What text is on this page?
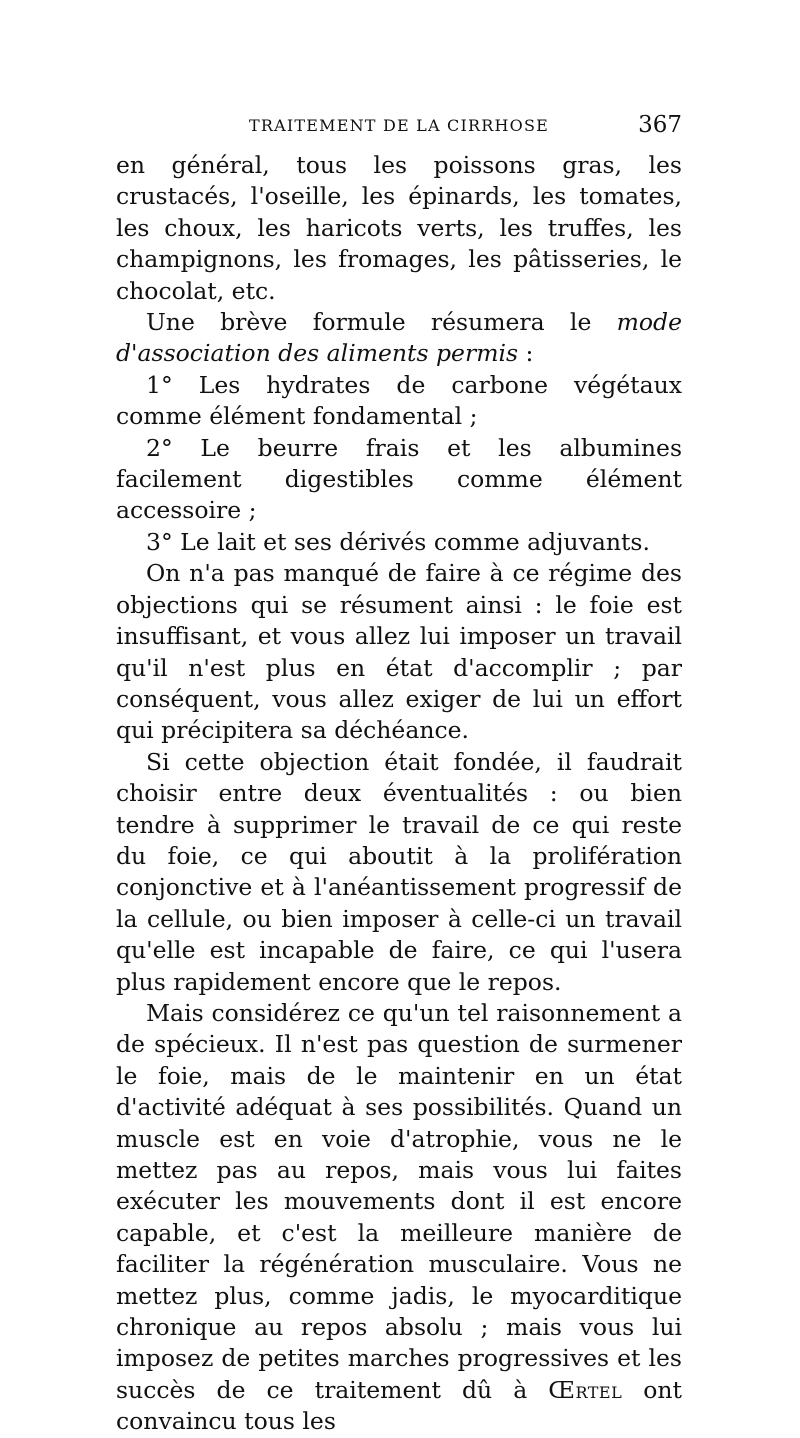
TRAITEMENT DE LA CIRRHOSE	367

en général, tous les poissons gras, les crustacés, l'oseille, les épinards, les tomates, les choux, les haricots verts, les truffes, les champignons, les fromages, les pâtisseries, le chocolat, etc.

Une brève formule résumera le mode d'association des aliments permis :

1° Les hydrates de carbone végétaux comme élément fondamental ;

2° Le beurre frais et les albumines facilement digestibles comme élément accessoire ;

3° Le lait et ses dérivés comme adjuvants.

On n'a pas manqué de faire à ce régime des objections qui se résument ainsi : le foie est insuffisant, et vous allez lui imposer un travail qu'il n'est plus en état d'accomplir ; par conséquent, vous allez exiger de lui un effort qui précipitera sa déchéance.

Si cette objection était fondée, il faudrait choisir entre deux éventualités : ou bien tendre à supprimer le travail de ce qui reste du foie, ce qui aboutit à la prolifération conjonctive et à l'anéantissement progressif de la cellule, ou bien imposer à celle-ci un travail qu'elle est incapable de faire, ce qui l'usera plus rapidement encore que le repos.

Mais considérez ce qu'un tel raisonnement a de spécieux. Il n'est pas question de surmener le foie, mais de le maintenir en un état d'activité adéquat à ses possibilités. Quand un muscle est en voie d'atrophie, vous ne le mettez pas au repos, mais vous lui faites exécuter les mouvements dont il est encore capable, et c'est la meilleure manière de faciliter la régénération musculaire. Vous ne mettez plus, comme jadis, le myocarditique chronique au repos absolu ; mais vous lui imposez de petites marches progressives et les succès de ce traitement dû à Œrtel ont convaincu tous les
